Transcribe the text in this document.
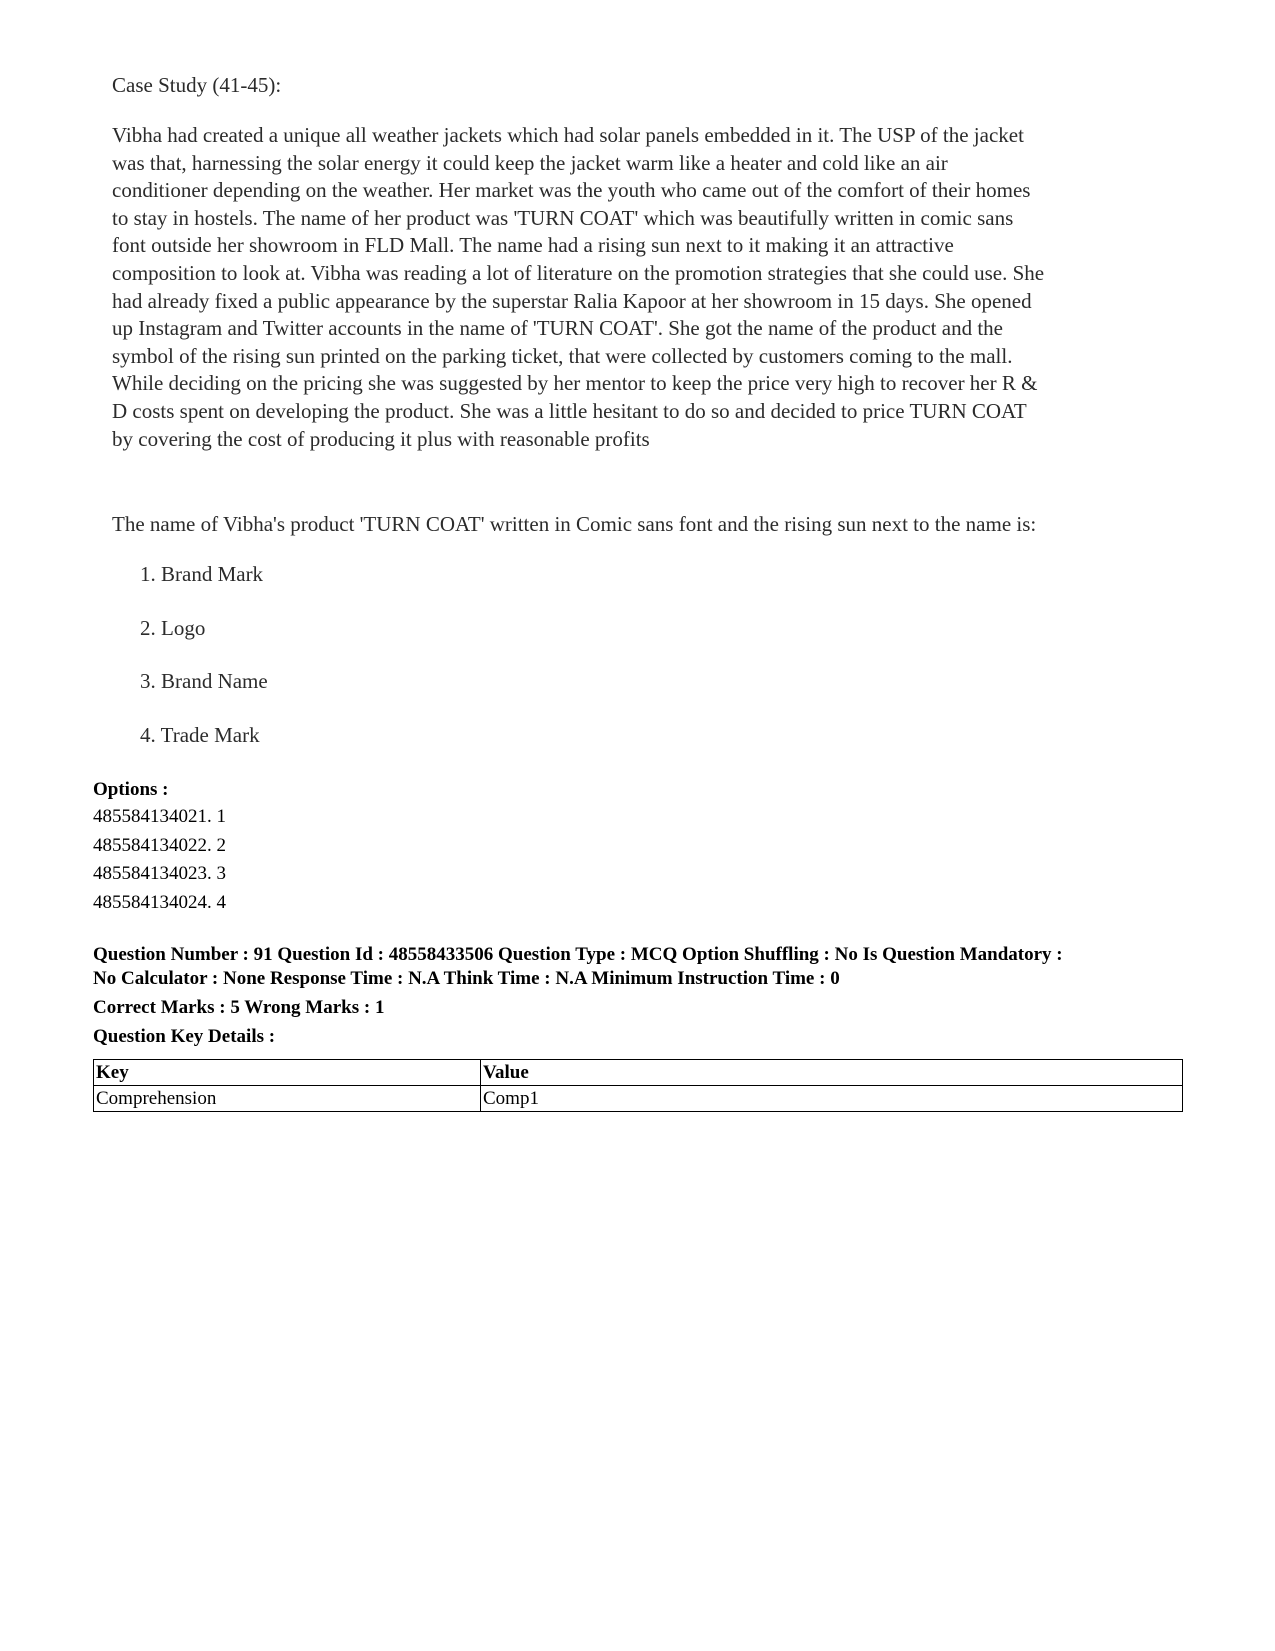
Case Study (41-45):

Vibha had created a unique all weather jackets which had solar panels embedded in it. The USP of the jacket
was that, harnessing the solar energy it could keep the jacket warm like a heater and cold like an air
conditioner depending on the weather. Her market was the youth who came out of the comfort of their homes
to stay in hostels. The name of her product was 'TURN COAT' which was beautifully written in comic sans
font outside her showroom in FLD Mall. The name had a rising sun next to it making it an attractive
composition to look at. Vibha was reading a lot of literature on the promotion strategies that she could use. She
had already fixed a public appearance by the superstar Ralia Kapoor at her showroom in 15 days. She opened
up Instagram and Twitter accounts in the name of 'TURN COAT'. She got the name of the product and the
symbol of the rising sun printed on the parking ticket, that were collected by customers coming to the mall.
While deciding on the pricing she was suggested by her mentor to keep the price very high to recover her R &
D costs spent on developing the product. She was a little hesitant to do so and decided to price TURN COAT
by covering the cost of producing it plus with reasonable profits

The name of Vibha's product 'TURN COAT' written in Comic sans font and the rising sun next to the name is:

1. Brand Mark
2. Logo
3. Brand Name
4. Trade Mark
Options :
485584134021. 1
485584134022. 2
485584134023. 3
485584134024. 4
Question Number : 91 Question Id : 48558433506 Question Type : MCQ Option Shuffling : No Is Question Mandatory :
No Calculator : None Response Time : N.A Think Time : N.A Minimum Instruction Time : 0
Correct Marks : 5 Wrong Marks : 1
Question Key Details :
Key	Value
Comprehension	Comp1
